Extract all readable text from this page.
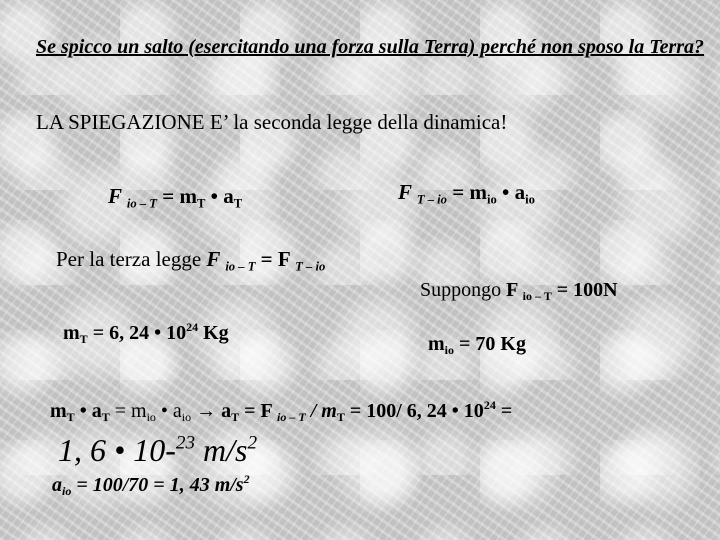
Se spicco un salto (esercitando una forza sulla Terra) perché non sposo la Terra?
LA SPIEGAZIONE E’ la seconda legge della dinamica!
F $_{io - T} = m_T$ • $a_T$	F $_{T - io} = m_{io}$ • $a_{io}$
Per la terza legge F $_{io - T}$ = F $_{T - io}$
Suppongo F $_{io - T}$ = 100N
$m_T = 6$, 24 • $10^{24}$ Kg
$m_{io} = 70$ Kg
$m_T$ • $a_T = m_{io}$ • $a_{io} \to a_T = F$ $_{io - T} / m_T = 100/$ 6, 24 • $10^{24}$ =
1, 6 • 10-$^{23}$ $m/s^2$
$a_{io} = 100/70 = 1$, 43 $m/s^2$
